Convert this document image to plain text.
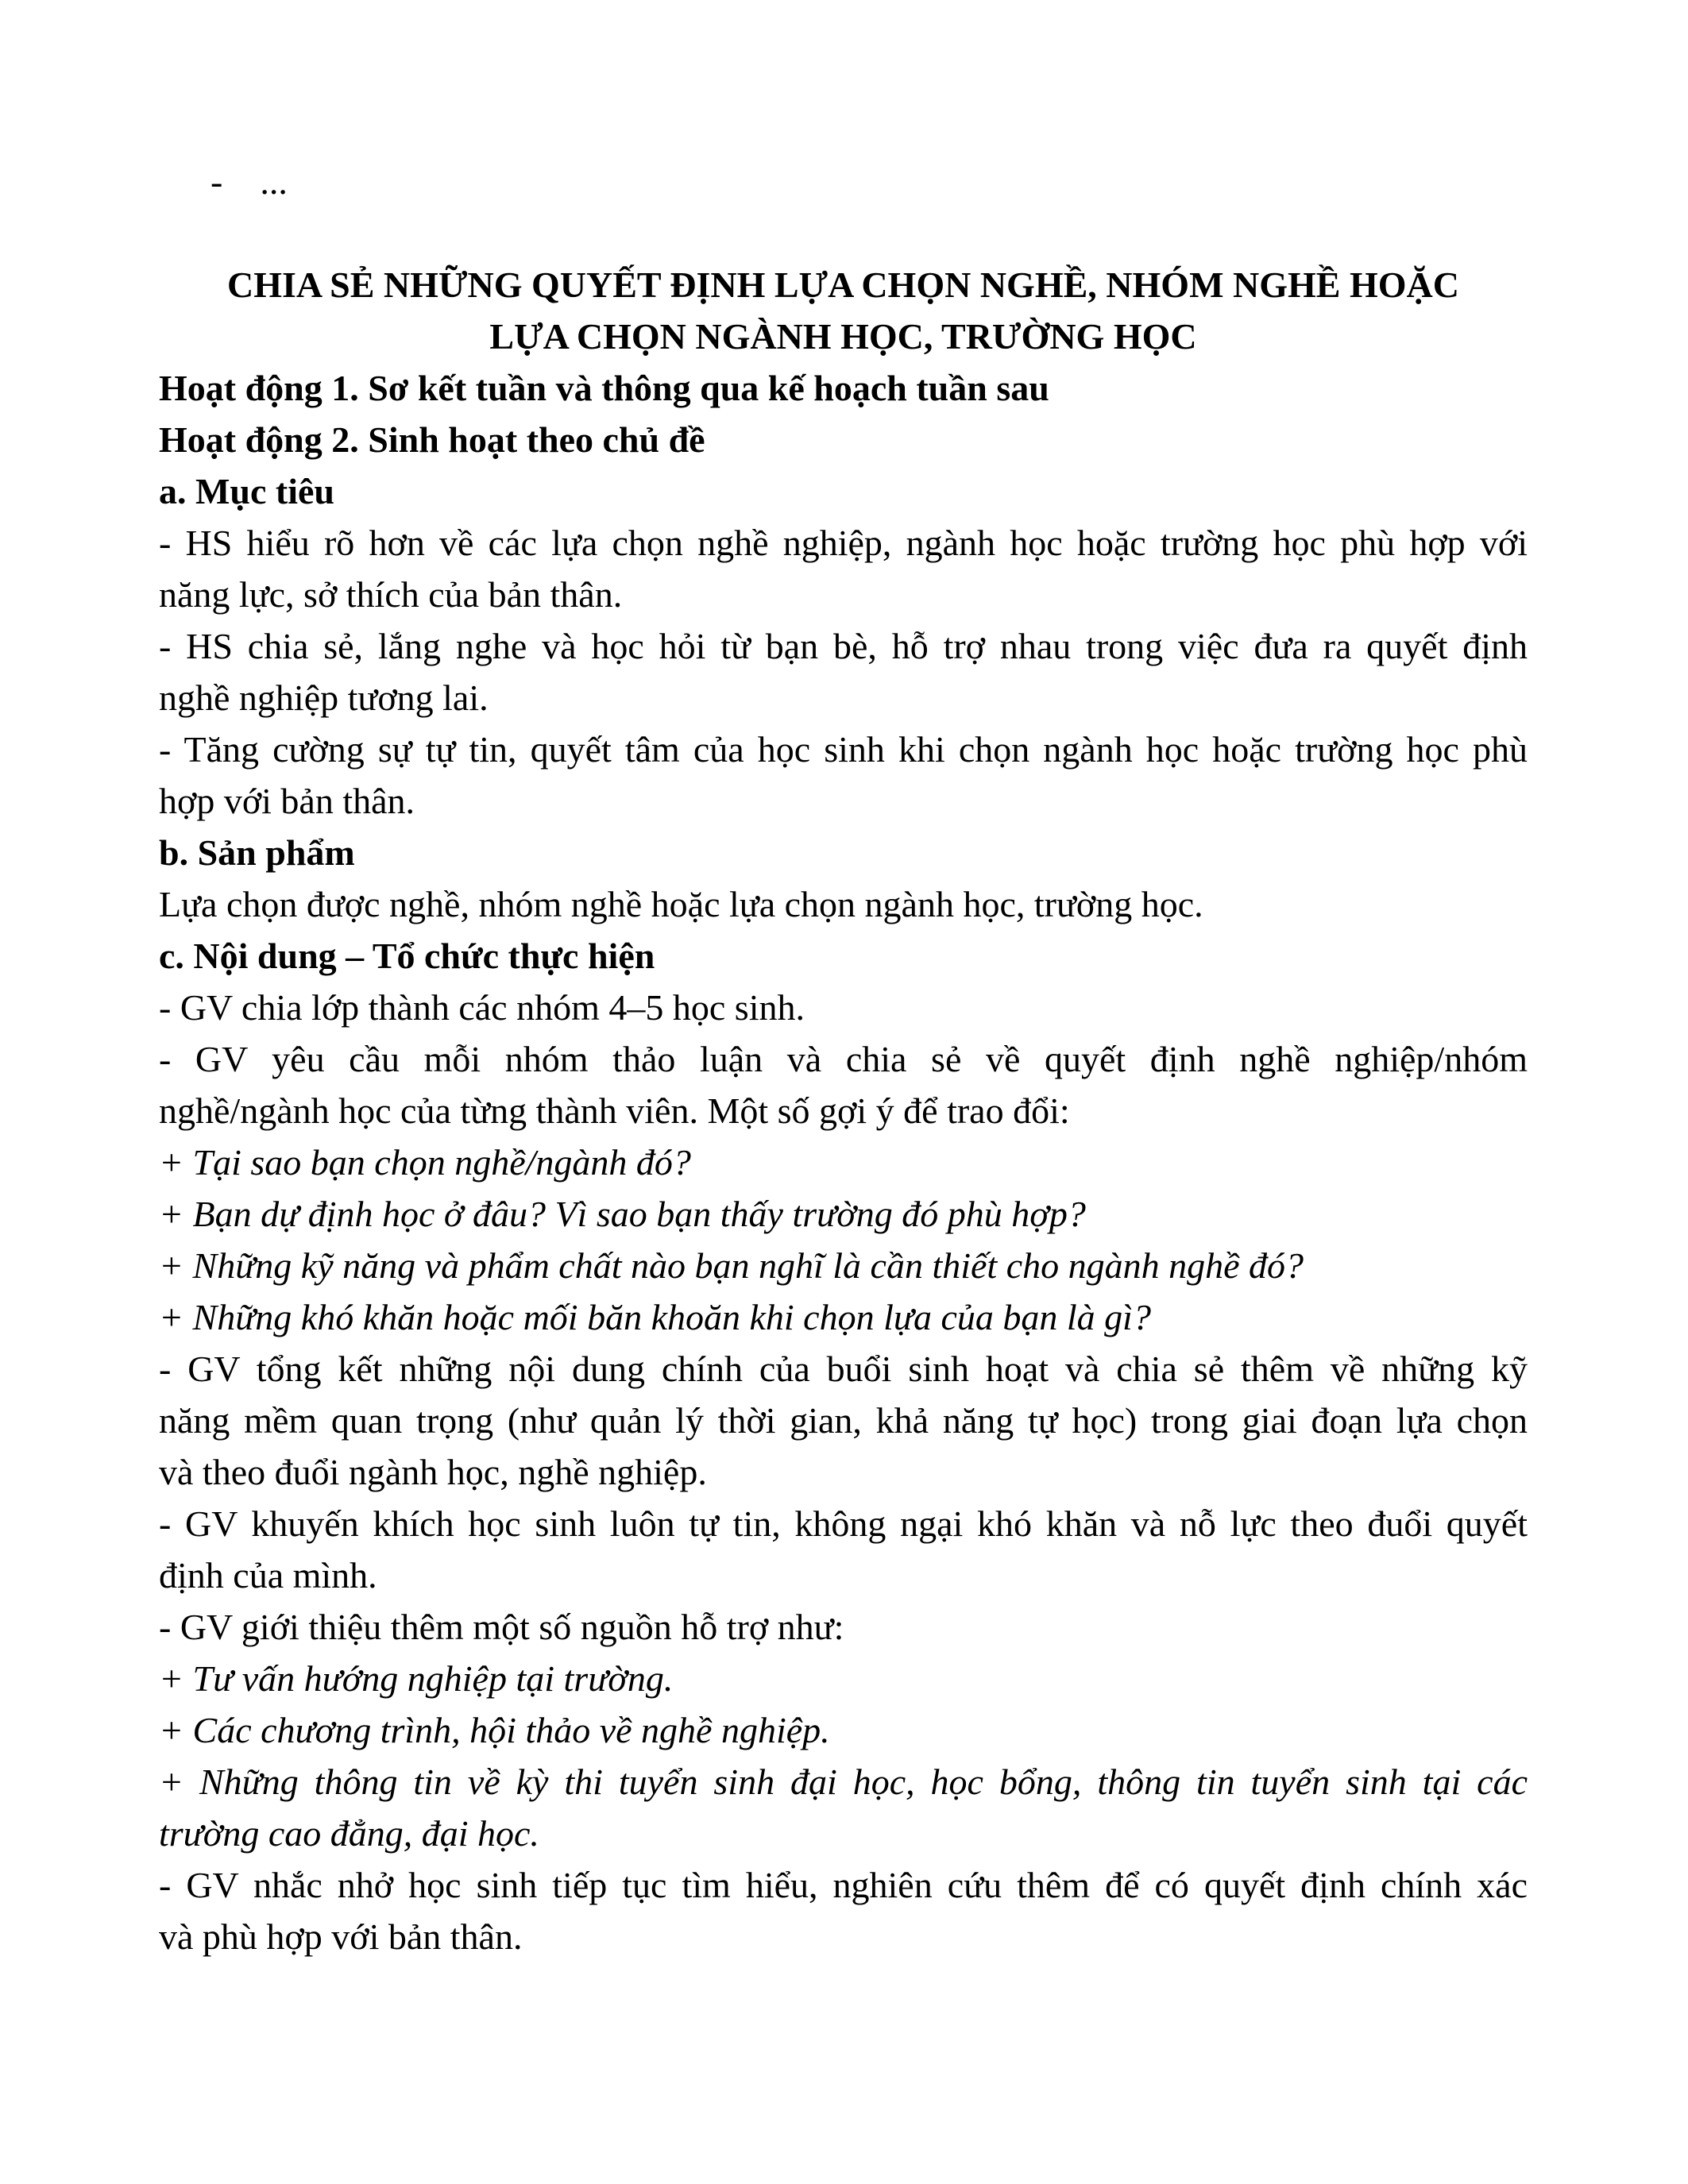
- ...
CHIA SẺ NHỮNG QUYẾT ĐỊNH LỰA CHỌN NGHỀ, NHÓM NGHỀ HOẶC
LỰA CHỌN NGÀNH HỌC, TRƯỜNG HỌC
Hoạt động 1. Sơ kết tuần và thông qua kế hoạch tuần sau
Hoạt động 2. Sinh hoạt theo chủ đề
a. Mục tiêu
- HS hiểu rõ hơn về các lựa chọn nghề nghiệp, ngành học hoặc trường học phù hợp với
năng lực, sở thích của bản thân.
- HS chia sẻ, lắng nghe và học hỏi từ bạn bè, hỗ trợ nhau trong việc đưa ra quyết định
nghề nghiệp tương lai.
- Tăng cường sự tự tin, quyết tâm của học sinh khi chọn ngành học hoặc trường học phù
hợp với bản thân.
b. Sản phẩm
Lựa chọn được nghề, nhóm nghề hoặc lựa chọn ngành học, trường học.
c. Nội dung – Tổ chức thực hiện
- GV chia lớp thành các nhóm 4–5 học sinh.
- GV yêu cầu mỗi nhóm thảo luận và chia sẻ về quyết định nghề nghiệp/nhóm
nghề/ngành học của từng thành viên. Một số gợi ý để trao đổi:
+ Tại sao bạn chọn nghề/ngành đó?
+ Bạn dự định học ở đâu? Vì sao bạn thấy trường đó phù hợp?
+ Những kỹ năng và phẩm chất nào bạn nghĩ là cần thiết cho ngành nghề đó?
+ Những khó khăn hoặc mối băn khoăn khi chọn lựa của bạn là gì?
- GV tổng kết những nội dung chính của buổi sinh hoạt và chia sẻ thêm về những kỹ
năng mềm quan trọng (như quản lý thời gian, khả năng tự học) trong giai đoạn lựa chọn
và theo đuổi ngành học, nghề nghiệp.
- GV khuyến khích học sinh luôn tự tin, không ngại khó khăn và nỗ lực theo đuổi quyết
định của mình.
- GV giới thiệu thêm một số nguồn hỗ trợ như:
+ Tư vấn hướng nghiệp tại trường.
+ Các chương trình, hội thảo về nghề nghiệp.
+ Những thông tin về kỳ thi tuyển sinh đại học, học bổng, thông tin tuyển sinh tại các
trường cao đẳng, đại học.
- GV nhắc nhở học sinh tiếp tục tìm hiểu, nghiên cứu thêm để có quyết định chính xác
và phù hợp với bản thân.
